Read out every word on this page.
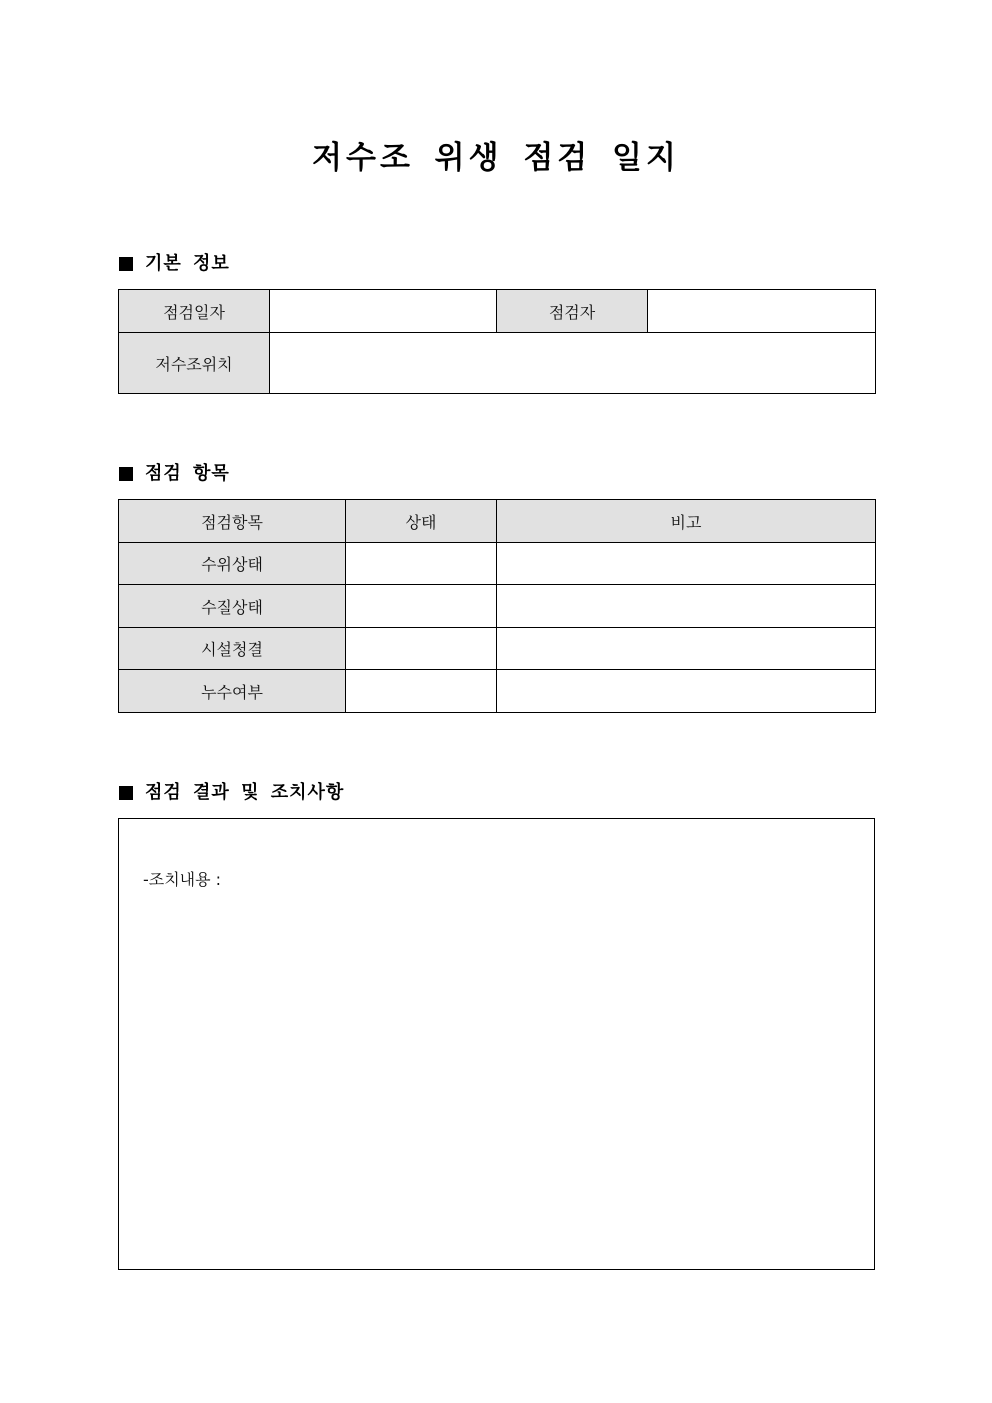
저수조 위생 점검 일지
기본 정보
점검일자		점검자	
저수조위치			
점검 항목
점검항목	상태	비고
수위상태		
수질상태		
시설청결		
누수여부		
점검 결과 및 조치사항
-조치내용 :
